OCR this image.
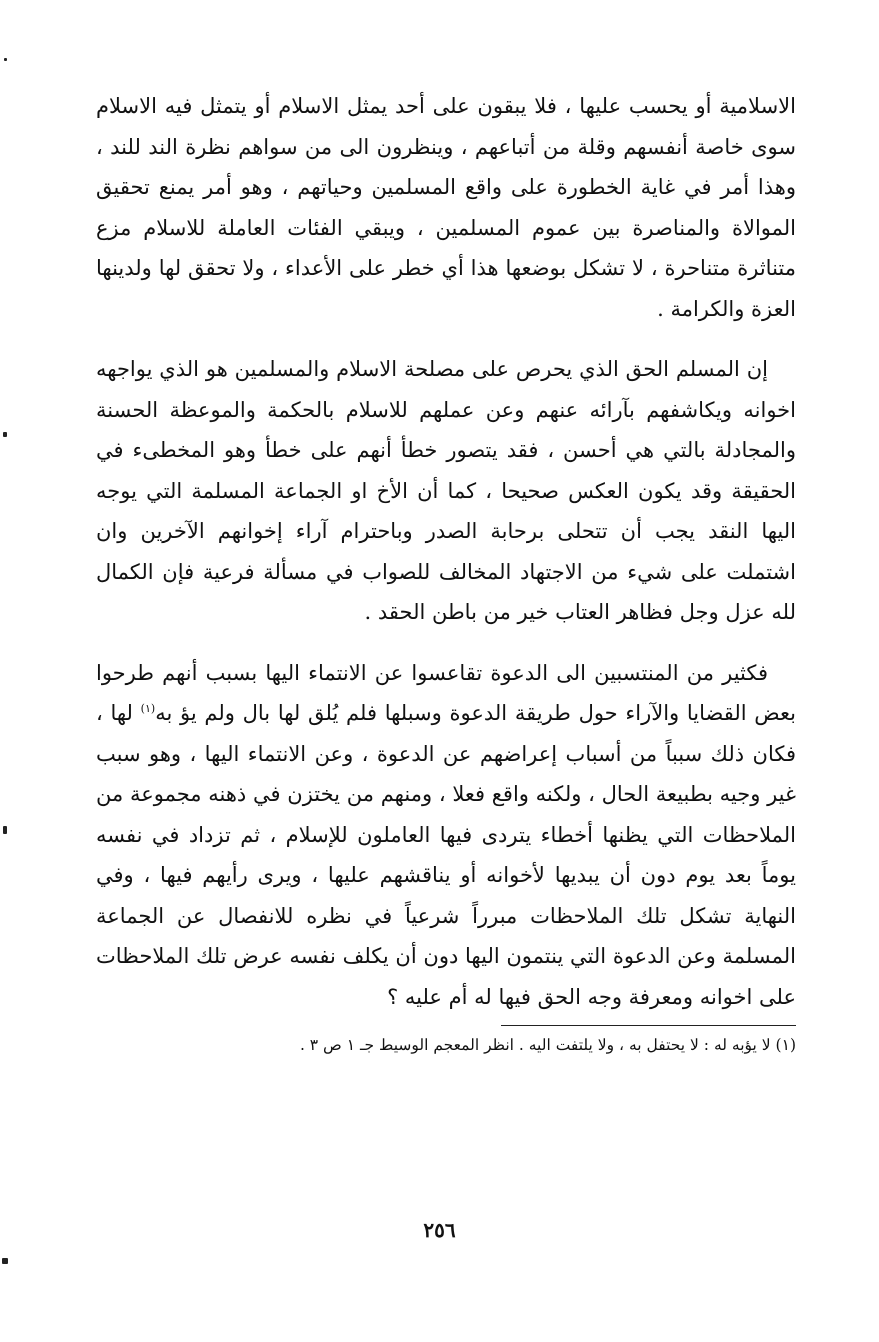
الاسلامية أو يحسب عليها ، فلا يبقون على أحد يمثل الاسلام أو يتمثل فيه الاسلام سوى خاصة أنفسهم وقلة من أتباعهم ، وينظرون الى من سواهم نظرة الند للند ، وهذا أمر في غاية الخطورة على واقع المسلمين وحياتهم ، وهو أمر يمنع تحقيق الموالاة والمناصرة بين عموم المسلمين ، ويبقي الفئات العاملة للاسلام مزع متناثرة متناحرة ، لا تشكل بوضعها هذا أي خطر على الأعداء ، ولا تحقق لها ولدينها العزة والكرامة .

إن المسلم الحق الذي يحرص على مصلحة الاسلام والمسلمين هو الذي يواجهه اخوانه ويكاشفهم بآرائه عنهم وعن عملهم للاسلام بالحكمة والموعظة الحسنة والمجادلة بالتي هي أحسن ، فقد يتصور خطأ أنهم على خطأ وهو المخطىء في الحقيقة وقد يكون العكس صحيحا ، كما أن الأخ او الجماعة المسلمة التي يوجه اليها النقد يجب أن تتحلى برحابة الصدر وباحترام آراء إخوانهم الآخرين وان اشتملت على شيء من الاجتهاد المخالف للصواب في مسألة فرعية فإن الكمال لله عزل وجل فظاهر العتاب خير من باطن الحقد .

فكثير من المنتسبين الى الدعوة تقاعسوا عن الانتماء اليها بسبب أنهم طرحوا بعض القضايا والآراء حول طريقة الدعوة وسبلها فلم يُلق لها بال ولم يؤ به$^{(١)}$ لها ، فكان ذلك سبباً من أسباب إعراضهم عن الدعوة ، وعن الانتماء اليها ، وهو سبب غير وجيه بطبيعة الحال ، ولكنه واقع فعلا ، ومنهم من يختزن في ذهنه مجموعة من الملاحظات التي يظنها أخطاء يتردى فيها العاملون للإسلام ، ثم تزداد في نفسه يوماً بعد يوم دون أن يبديها لأخوانه أو يناقشهم عليها ، ويرى رأيهم فيها ، وفي النهاية تشكل تلك الملاحظات مبرراً شرعياً في نظره للانفصال عن الجماعة المسلمة وعن الدعوة التي ينتمون اليها دون أن يكلف نفسه عرض تلك الملاحظات على اخوانه ومعرفة وجه الحق فيها له أم عليه ؟

(١) لا يؤبه له : لا يحتفل به ، ولا يلتفت اليه . انظر المعجم الوسيط جـ ١ ص ٣ .

٢٥٦
